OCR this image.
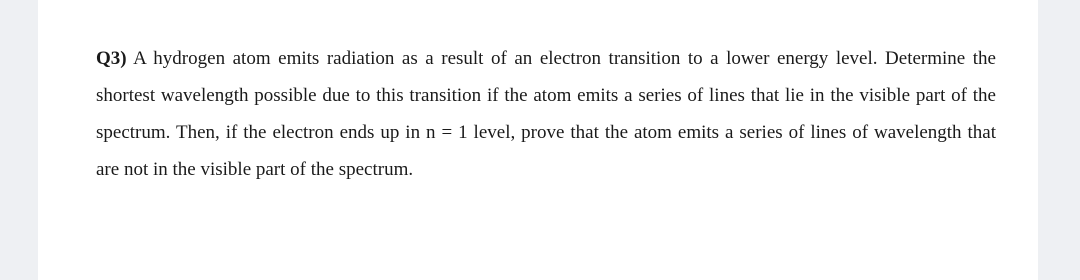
Q3) A hydrogen atom emits radiation as a result of an electron transition to a lower energy level. Determine the shortest wavelength possible due to this transition if the atom emits a series of lines that lie in the visible part of the spectrum. Then, if the electron ends up in n = 1 level, prove that the atom emits a series of lines of wavelength that are not in the visible part of the spectrum.
